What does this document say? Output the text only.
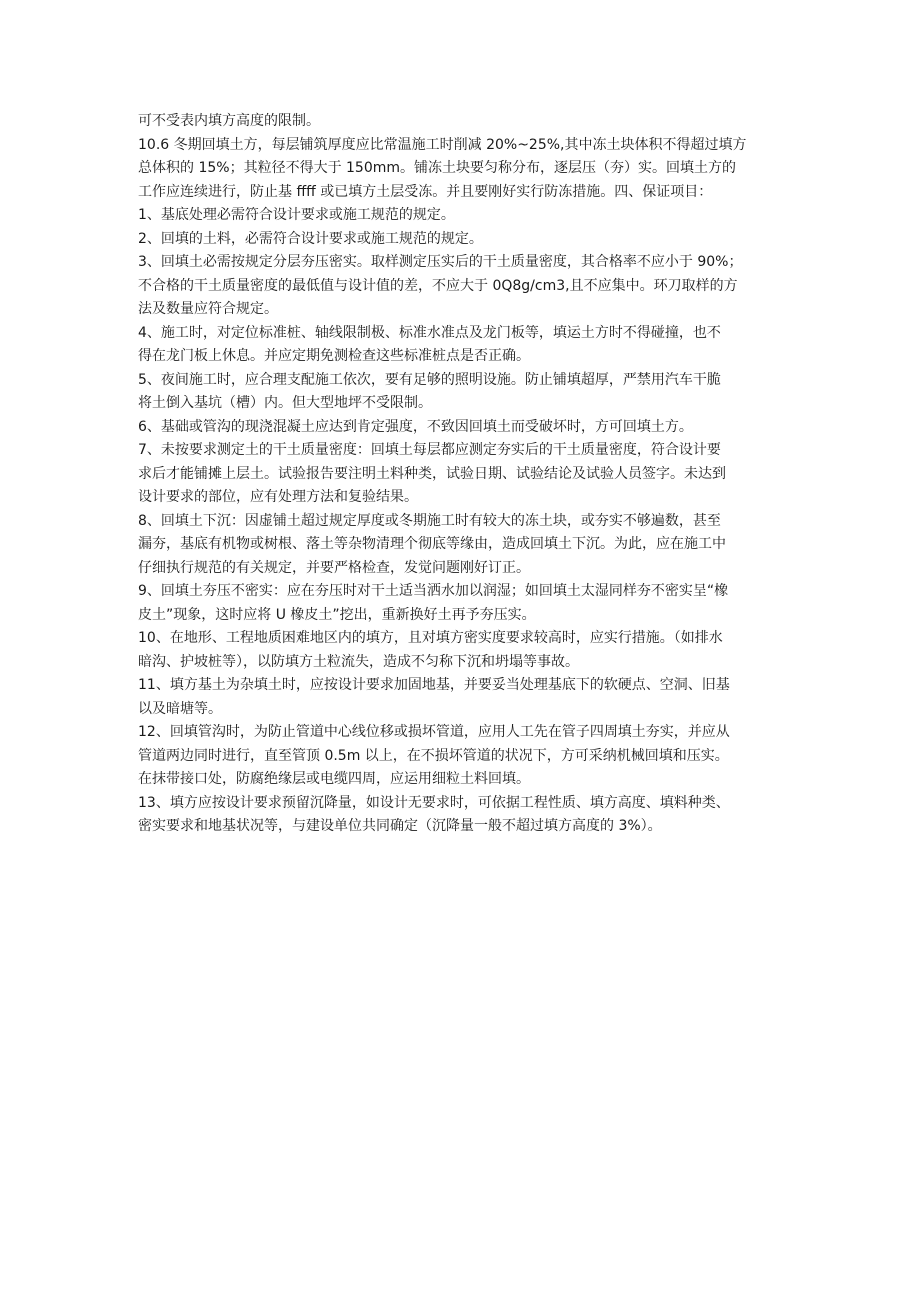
可不受表内填方高度的限制。
10.6 冬期回填土方，每层铺筑厚度应比常温施工时削减 20%~25%,其中冻土块体积不得超过填方
总体积的 15%；其粒径不得大于 150mm。铺冻土块要匀称分布，逐层压（夯）实。回填土方的
工作应连续进行，防止基 ffff 或已填方土层受冻。并且要刚好实行防冻措施。四、保证项目：
1、基底处理必需符合设计要求或施工规范的规定。
2、回填的土料，必需符合设计要求或施工规范的规定。
3、回填土必需按规定分层夯压密实。取样测定压实后的干土质量密度，其合格率不应小于 90%；
不合格的干土质量密度的最低值与设计值的差，不应大于 0Q8g/cm3,且不应集中。环刀取样的方
法及数量应符合规定。
4、施工时，对定位标准桩、轴线限制极、标准水准点及龙门板等，填运土方时不得碰撞，也不
得在龙门板上休息。并应定期免测检查这些标准桩点是否正确。
5、夜间施工时，应合理支配施工依次，要有足够的照明设施。防止铺填超厚，严禁用汽车干脆
将土倒入基坑（槽）内。但大型地坪不受限制。
6、基础或管沟的现浇混凝土应达到肯定强度，不致因回填土而受破坏时，方可回填土方。
7、未按要求测定土的干土质量密度：回填土每层都应测定夯实后的干土质量密度，符合设计要
求后才能铺摊上层土。试验报告要注明土料种类，试验日期、试验结论及试验人员签字。未达到
设计要求的部位，应有处理方法和复验结果。
8、回填土下沉：因虚铺土超过规定厚度或冬期施工时有较大的冻土块，或夯实不够遍数，甚至
漏夯，基底有机物或树根、落土等杂物清理个彻底等缘由，造成回填土下沉。为此，应在施工中
仔细执行规范的有关规定，并要严格检查，发觉问题刚好订正。
9、回填土夯压不密实：应在夯压时对干土适当洒水加以润湿；如回填土太湿同样夯不密实呈“橡
皮土”现象，这时应将 U 橡皮土”挖出，重新换好土再予夯压实。
10、在地形、工程地质困难地区内的填方，且对填方密实度要求较高时，应实行措施。（如排水
暗沟、护坡桩等），以防填方土粒流失，造成不匀称下沉和坍塌等事故。
11、填方基土为杂填土时，应按设计要求加固地基，并要妥当处理基底下的软硬点、空洞、旧基
以及暗塘等。
12、回填管沟时，为防止管道中心线位移或损坏管道，应用人工先在管子四周填土夯实，并应从
管道两边同时进行，直至管顶 0.5m 以上，在不损坏管道的状况下，方可采纳机械回填和压实。
在抹带接口处，防腐绝缘层或电缆四周，应运用细粒土料回填。
13、填方应按设计要求预留沉降量，如设计无要求时，可依据工程性质、填方高度、填料种类、
密实要求和地基状况等，与建设单位共同确定（沉降量一般不超过填方高度的 3%）。
